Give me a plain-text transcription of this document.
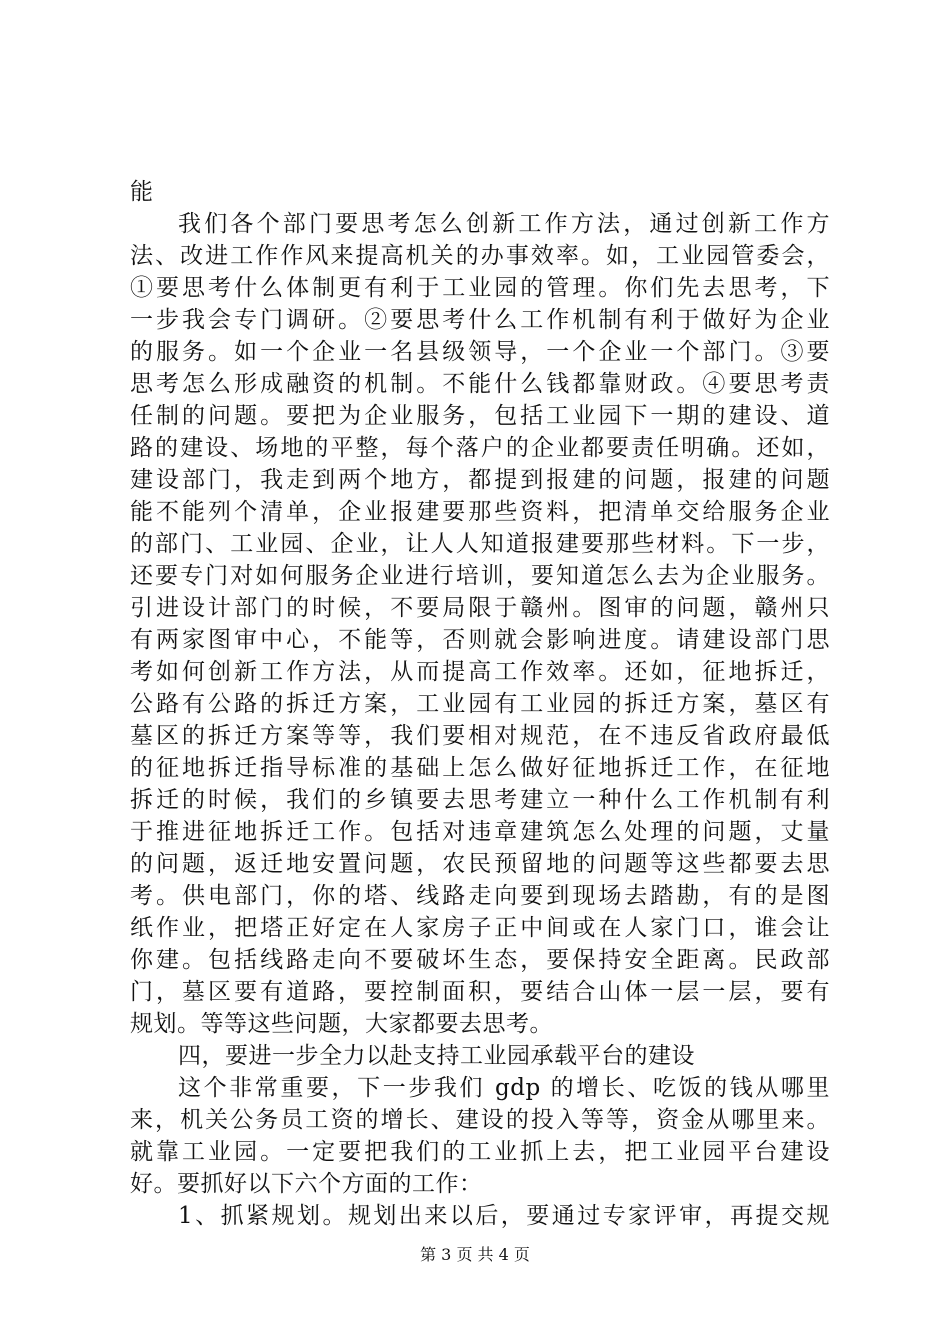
能
我们各个部门要思考怎么创新工作方法，通过创新工作方
法、改进工作作风来提高机关的办事效率。如，工业园管委会，
①要思考什么体制更有利于工业园的管理。你们先去思考，下
一步我会专门调研。②要思考什么工作机制有利于做好为企业
的服务。如一个企业一名县级领导，一个企业一个部门。③要
思考怎么形成融资的机制。不能什么钱都靠财政。④要思考责
任制的问题。要把为企业服务，包括工业园下一期的建设、道
路的建设、场地的平整，每个落户的企业都要责任明确。还如，
建设部门，我走到两个地方，都提到报建的问题，报建的问题
能不能列个清单，企业报建要那些资料，把清单交给服务企业
的部门、工业园、企业，让人人知道报建要那些材料。下一步，
还要专门对如何服务企业进行培训，要知道怎么去为企业服务。
引进设计部门的时候，不要局限于赣州。图审的问题，赣州只
有两家图审中心，不能等，否则就会影响进度。请建设部门思
考如何创新工作方法，从而提高工作效率。还如，征地拆迁，
公路有公路的拆迁方案，工业园有工业园的拆迁方案，墓区有
墓区的拆迁方案等等，我们要相对规范，在不违反省政府最低
的征地拆迁指导标准的基础上怎么做好征地拆迁工作，在征地
拆迁的时候，我们的乡镇要去思考建立一种什么工作机制有利
于推进征地拆迁工作。包括对违章建筑怎么处理的问题，丈量
的问题，返迁地安置问题，农民预留地的问题等这些都要去思
考。供电部门，你的塔、线路走向要到现场去踏勘，有的是图
纸作业，把塔正好定在人家房子正中间或在人家门口，谁会让
你建。包括线路走向不要破坏生态，要保持安全距离。民政部
门，墓区要有道路，要控制面积，要结合山体一层一层，要有
规划。等等这些问题，大家都要去思考。
四，要进一步全力以赴支持工业园承载平台的建设
这个非常重要，下一步我们 gdp 的增长、吃饭的钱从哪里
来，机关公务员工资的增长、建设的投入等等，资金从哪里来。
就靠工业园。一定要把我们的工业抓上去，把工业园平台建设
好。要抓好以下六个方面的工作：
1、抓紧规划。规划出来以后，要通过专家评审，再提交规
第 3 页 共 4 页
